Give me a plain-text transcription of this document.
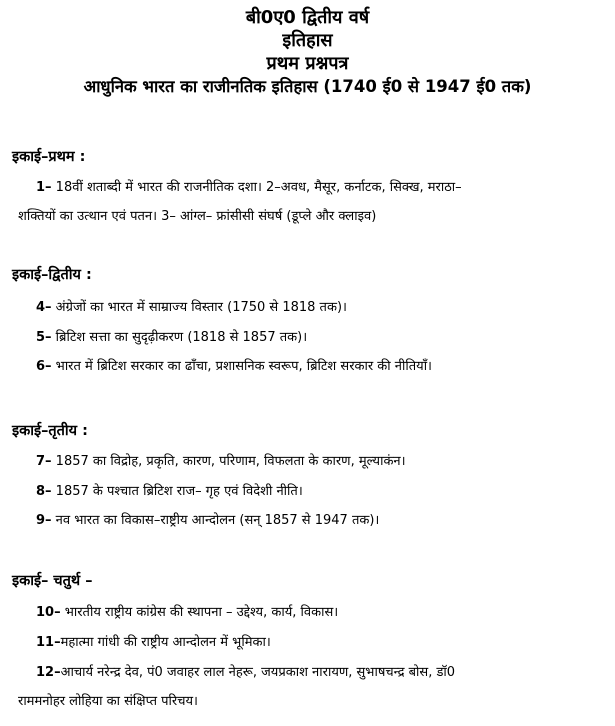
बी0ए0 द्वितीय वर्ष
इतिहास
प्रथम प्रश्नपत्र
आधुनिक भारत का राजीनतिक इतिहास (1740 ई0 से 1947 ई0 तक)
इकाई–प्रथम :
1– 18वीं शताब्दी में भारत की राजनीतिक दशा। 2–अवध, मैसूर, कर्नाटक, सिक्ख, मराठा–
शक्तियों का उत्थान एवं पतन। 3– आंग्ल– फ्रांसीसी संघर्ष (डूप्ले और क्लाइव)
इकाई–द्वितीय :
4– अंग्रेजों का भारत में साम्राज्य विस्तार (1750 से 1818 तक)।
5– ब्रिटिश सत्ता का सुदृढ़ीकरण (1818 से 1857 तक)।
6– भारत में ब्रिटिश सरकार का ढाँचा, प्रशासनिक स्वरूप, ब्रिटिश सरकार की नीतियाँ।
इकाई–तृतीय :
7– 1857 का विद्रोह, प्रकृति, कारण, परिणाम, विफलता के कारण, मूल्याकंन।
8– 1857 के पश्चात ब्रिटिश राज– गृह एवं विदेशी नीति।
9– नव भारत का विकास–राष्ट्रीय आन्दोलन (सन् 1857 से 1947 तक)।
इकाई– चतुर्थ –
10– भारतीय राष्ट्रीय कांग्रेस की स्थापना – उद्देश्य, कार्य, विकास।
11–महात्मा गांधी की राष्ट्रीय आन्दोलन में भूमिका।
12–आचार्य नरेन्द्र देव, पं0 जवाहर लाल नेहरू, जयप्रकाश नारायण, सुभाषचन्द्र बोस, डॉ0
राममनोहर लोहिया का संक्षिप्त परिचय।
